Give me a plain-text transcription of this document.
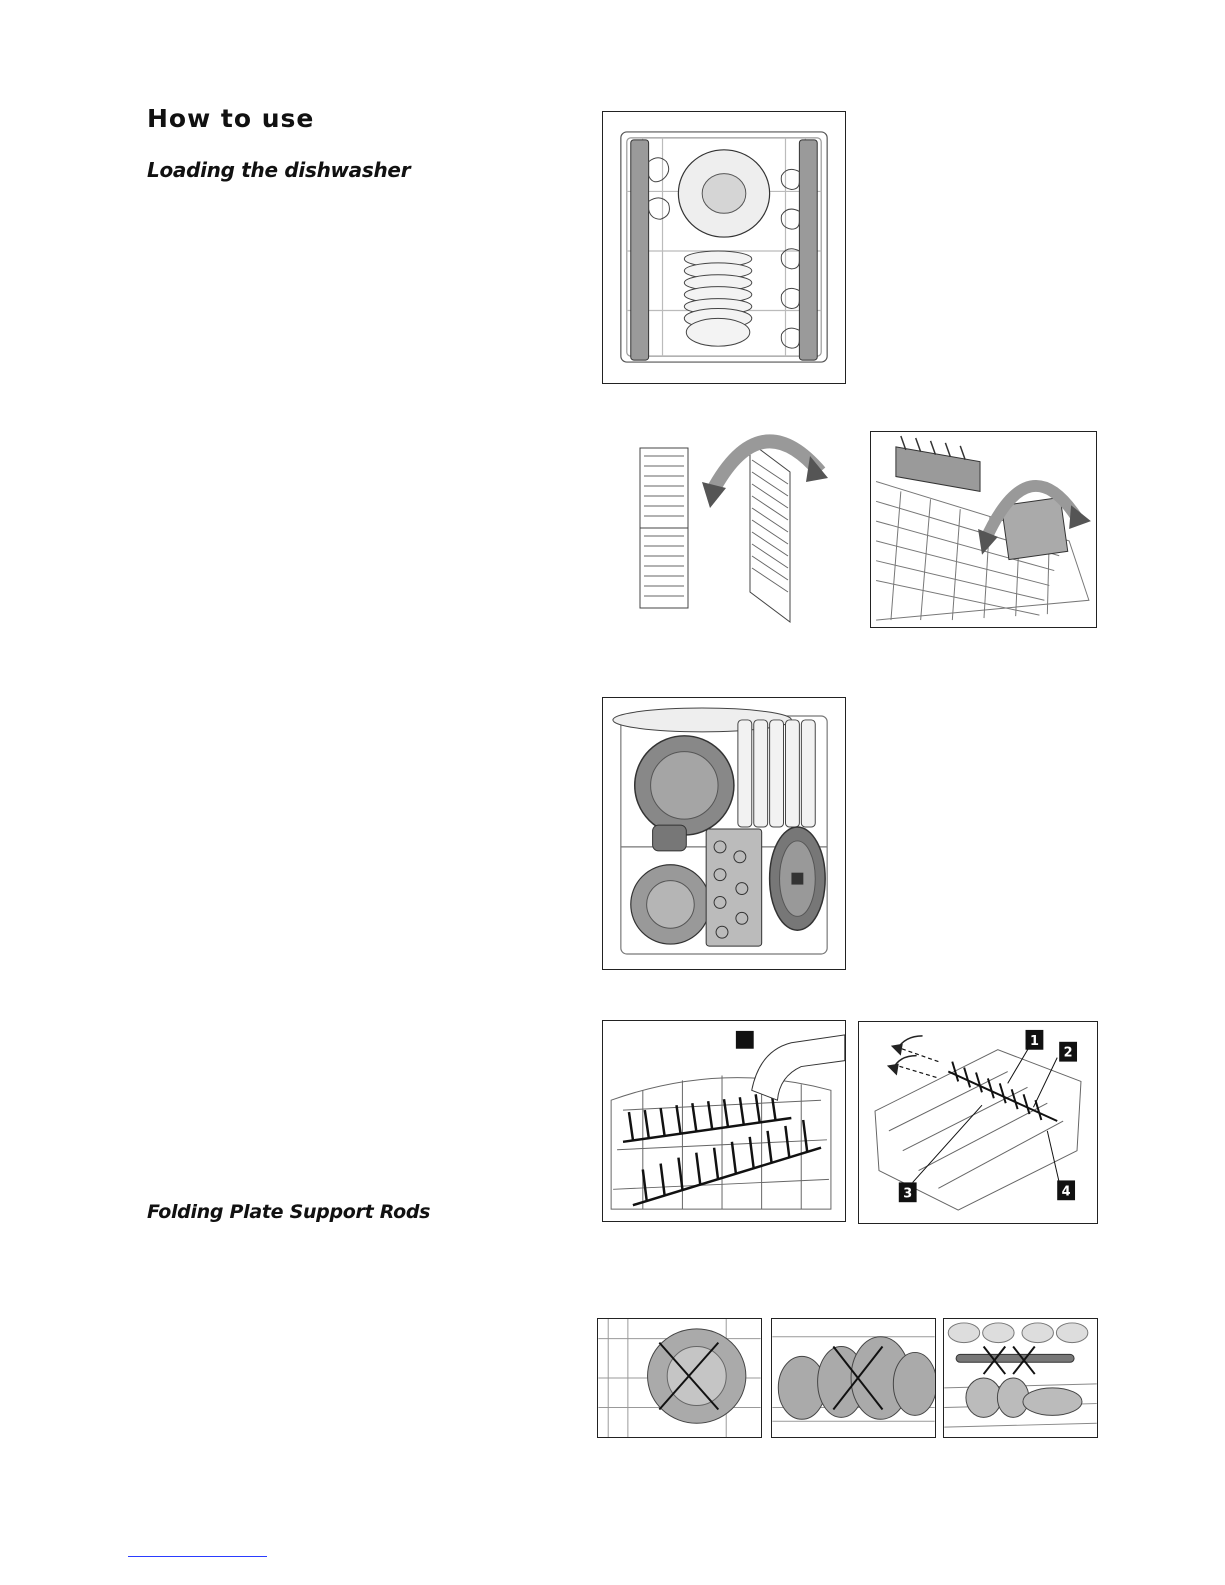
How to use
Loading the dishwasher
Folding Plate Support Rods
1
2
3	4
